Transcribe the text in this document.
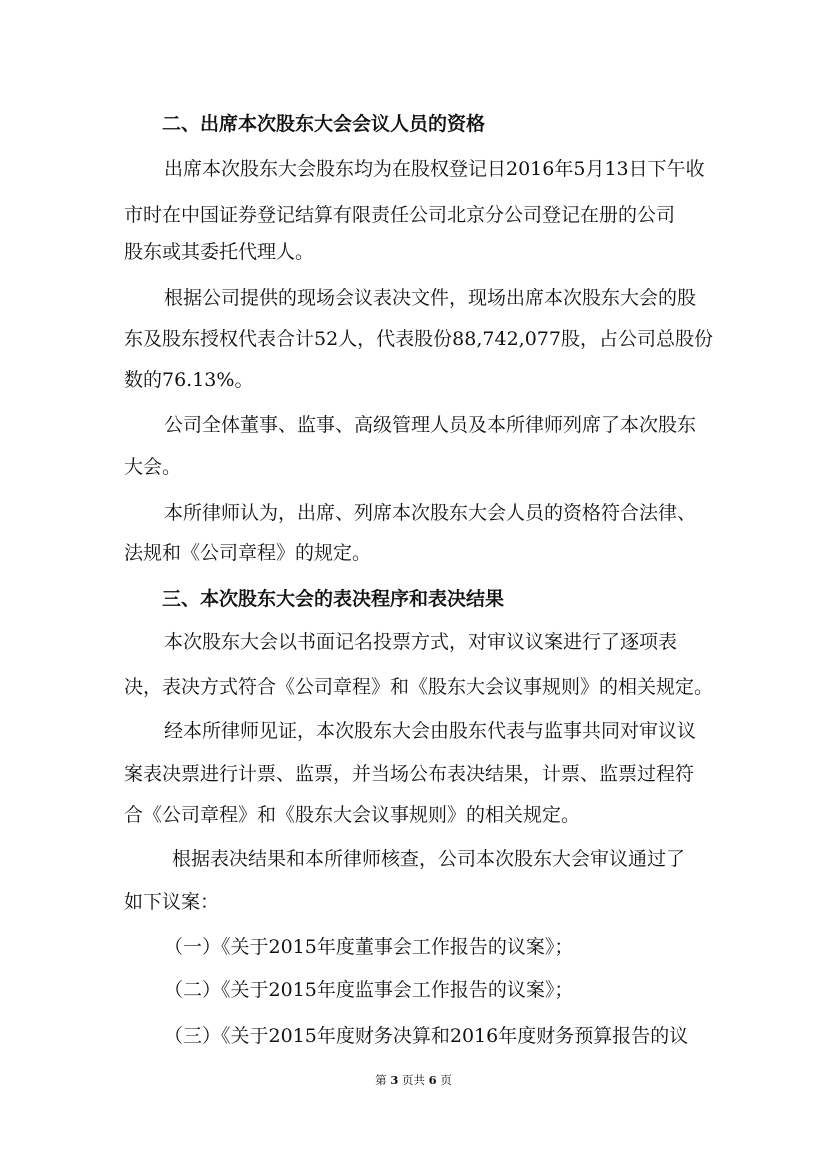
二、出席本次股东大会会议人员的资格
出席本次股东大会股东均为在股权登记日2016年5月13日下午收
市时在中国证券登记结算有限责任公司北京分公司登记在册的公司
股东或其委托代理人。
根据公司提供的现场会议表决文件，现场出席本次股东大会的股
东及股东授权代表合计52人，代表股份88,742,077股，占公司总股份
数的76.13%。
公司全体董事、监事、高级管理人员及本所律师列席了本次股东
大会。
本所律师认为，出席、列席本次股东大会人员的资格符合法律、
法规和《公司章程》的规定。
三、本次股东大会的表决程序和表决结果
本次股东大会以书面记名投票方式，对审议议案进行了逐项表
决，表决方式符合《公司章程》和《股东大会议事规则》的相关规定。
经本所律师见证，本次股东大会由股东代表与监事共同对审议议
案表决票进行计票、监票，并当场公布表决结果，计票、监票过程符
合《公司章程》和《股东大会议事规则》的相关规定。
根据表决结果和本所律师核查，公司本次股东大会审议通过了
如下议案：
（一）《关于2015年度董事会工作报告的议案》；
（二）《关于2015年度监事会工作报告的议案》；
（三）《关于2015年度财务决算和2016年度财务预算报告的议
第 3 页共 6 页
